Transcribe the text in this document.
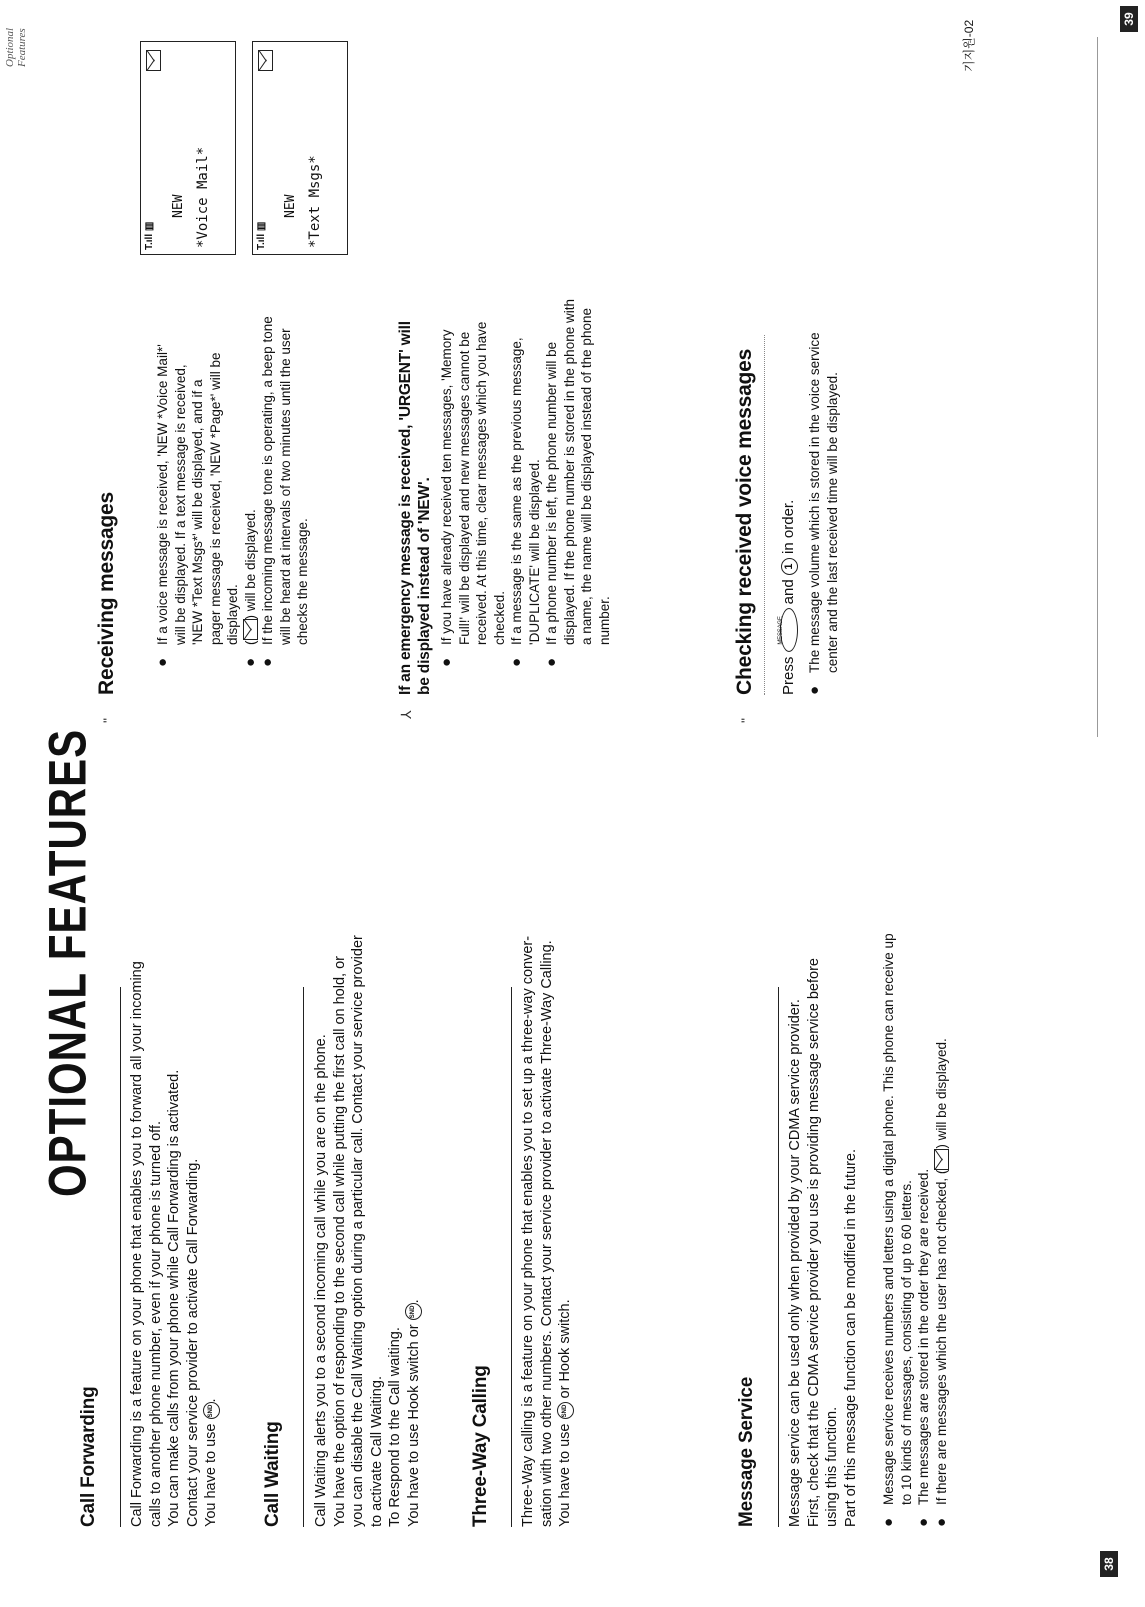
OPTIONAL FEATURES
Call Forwarding Call Forwarding is a feature on your phone that enables you to forward all your incoming calls to another phone number, even if your phone is turned off. You can make calls from your phone while Call Forwarding is activated. Contact your service provider to activate Call Forwarding. You have to use SND.

Call Waiting Call Waiting alerts you to a second incoming call while you are on the phone. You have the option of responding to the second call while putting the first call on hold, or you can disable the Call Waiting option during a particular call. Contact your service provider to activate Call Waiting. To Respond to the Call waiting. You have to use Hook switch or SND.

Three-Way Calling Three-Way calling is a feature on your phone that enables you to set up a three-way conver- sation with two other numbers. Contact your service provider to activate Three-Way Calling. You have to use SND or Hook switch.

Message Service Message service can be used only when provided by your CDMA service provider. First, check that the CDMA service provider you use is providing message service before using this function. Part of this message function can be modified in the future. ● Message service receives numbers and letters using a digital phone. This phone can receive up to 10 kinds of messages, consisting of up to 60 letters. ● The messages are stored in the order they are received. ● If there are messages which the user has not checked, () will be displayed.
38
Optional Features	기지원-02
39
"
Receiving messages	● If a voice message is received, 'NEW *Voice Mail*' will be displayed. If a text message is received, 'NEW *Text Msgs*' will be displayed, and if a pager message is received, 'NEW *Page*' will be displayed. ● () will be displayed. ● If the incoming message tone is operating, a beep tone will be heard at intervals of two minutes until the user checks the message.
⅄
If an emergency message is received, 'URGENT' will be displayed instead of 'NEW'. ● If you have already received ten messages, 'Memory Full!' will be displayed and new messages cannot be received. At this time, clear messages which you have checked. ● If a message is the same as the previous message, 'DUPLICATE' will be displayed. ● If a phone number is left, the phone number will be displayed. If the phone number is stored in the phone with a name, the name will be displayed instead of the phone number.
"
Checking received voice messages Press
MESSAGE
and 1 in order. ● The message volume which is stored in the voice service center and the last received time will be displayed.
T.ıll ▥
NEW *Voice Mail*	T.ıll ▥
NEW *Text Msgs*
